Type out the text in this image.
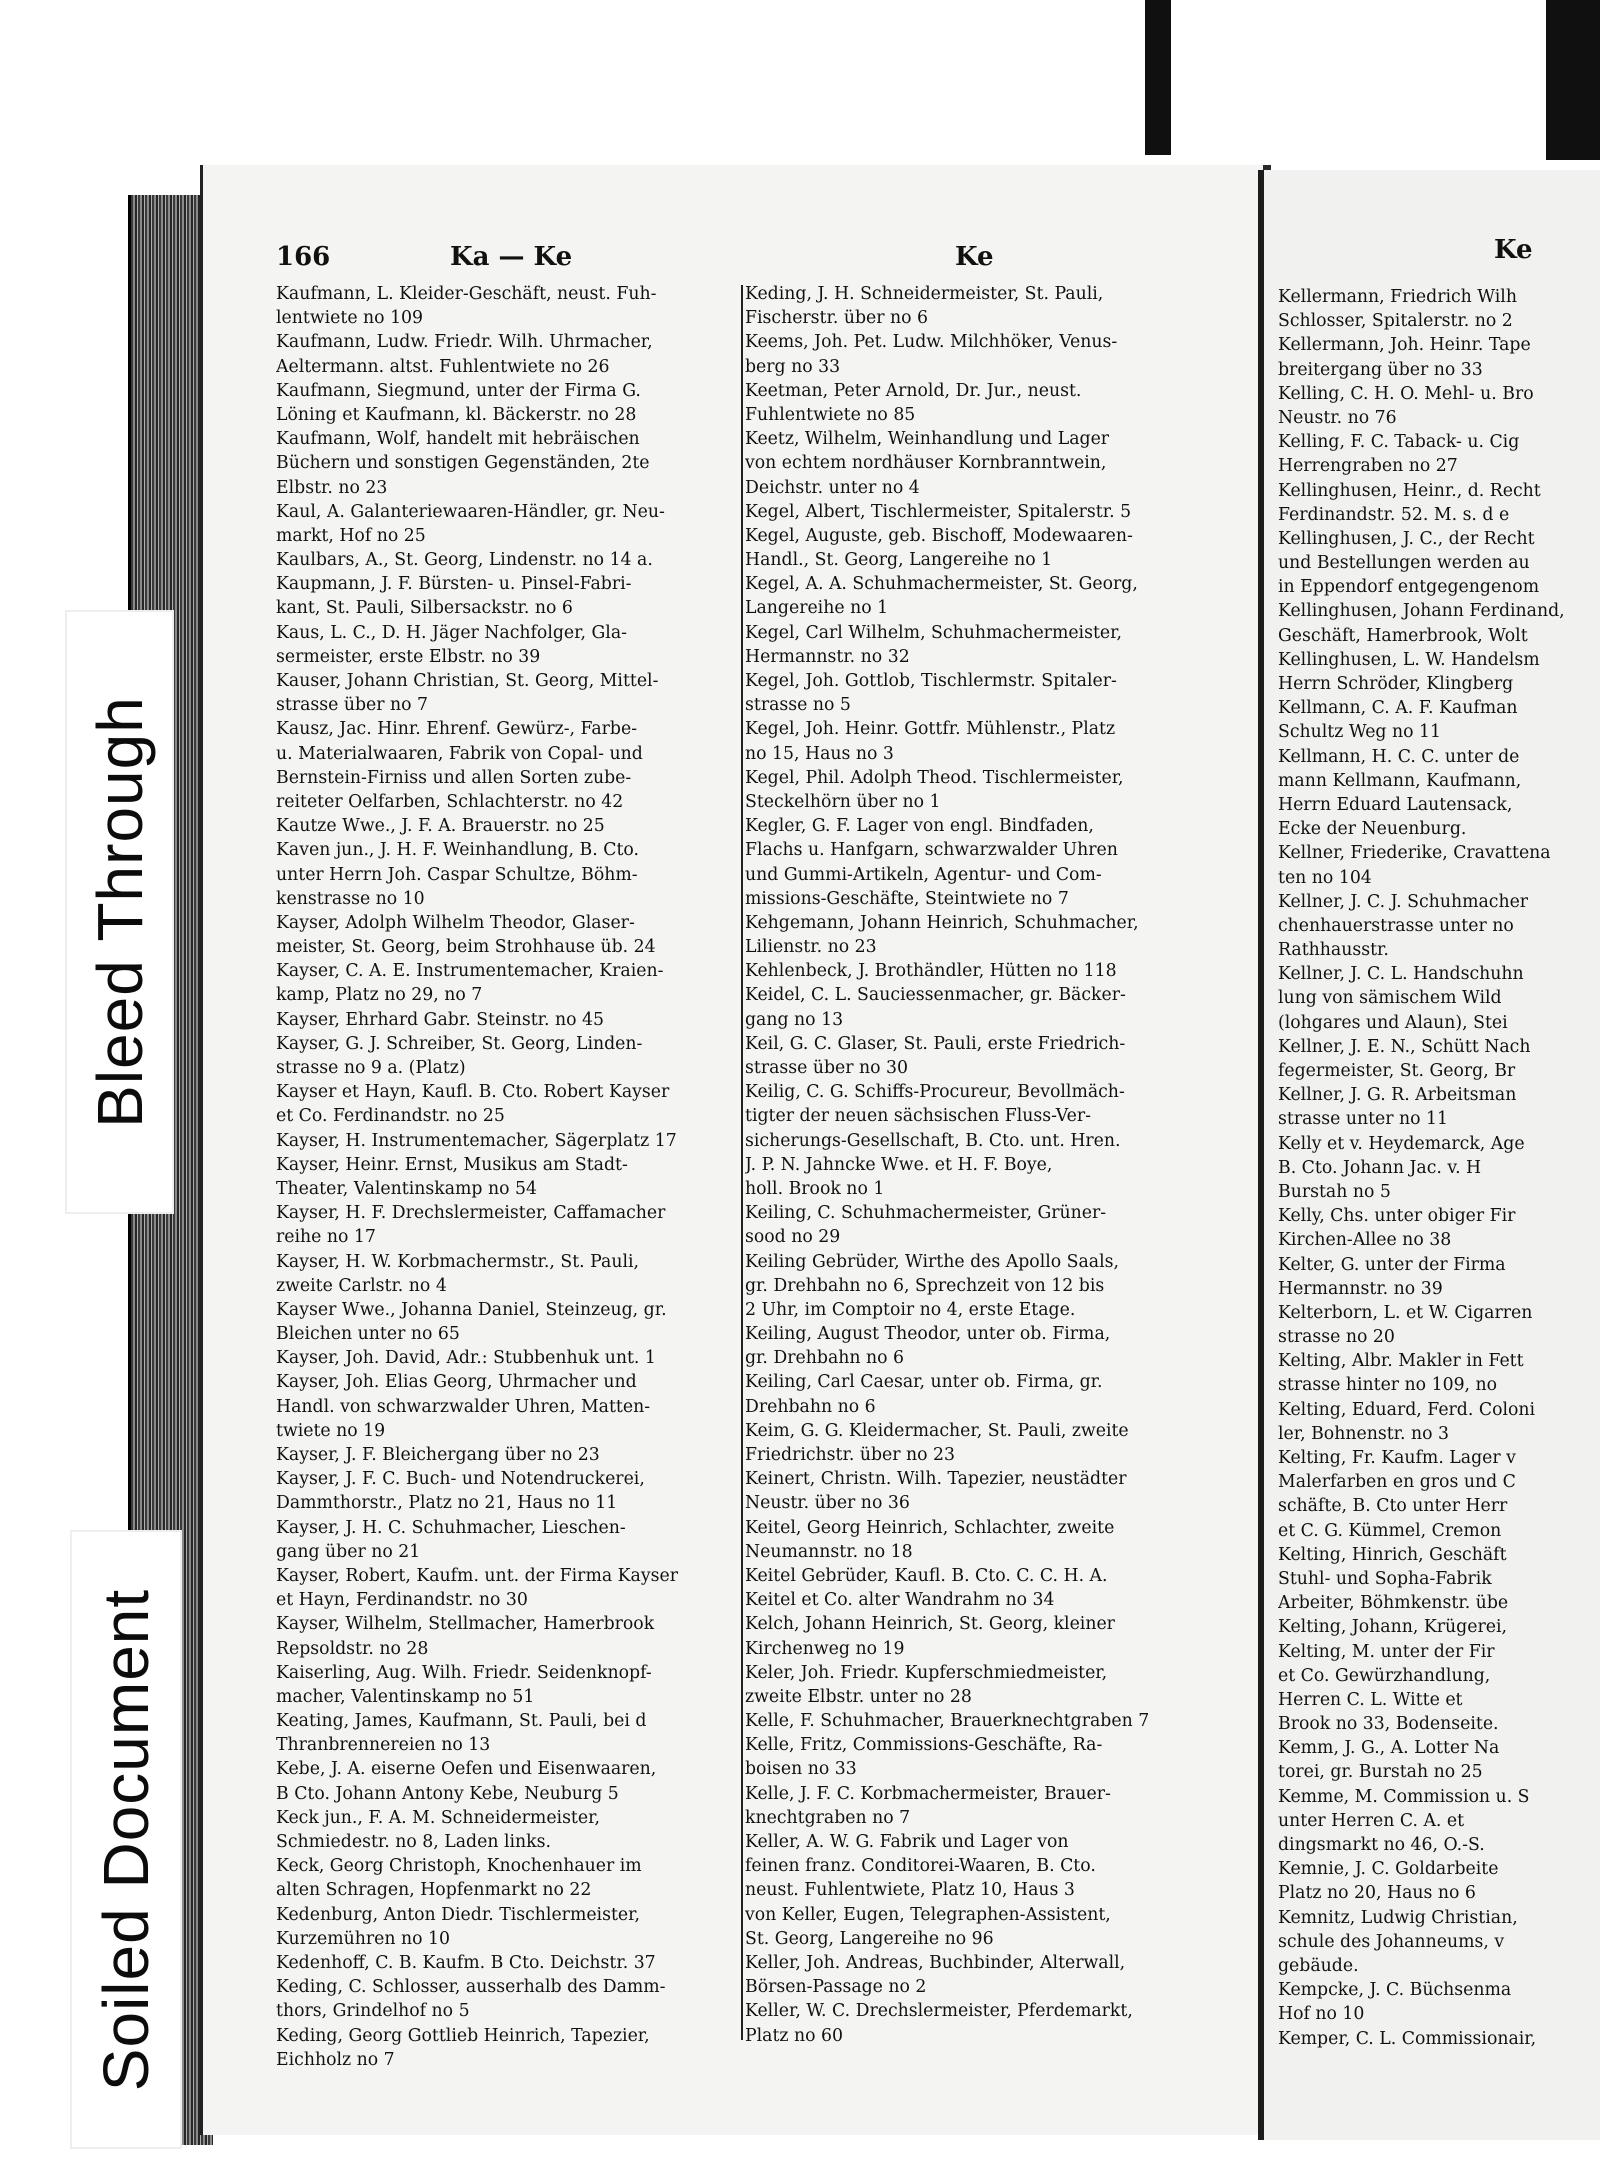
Ke
Kellermann, Friedrich Wilh
Schlosser, Spitalerstr. no 2
Kellermann, Joh. Heinr. Tape
breitergang über no 33
Kelling, C. H. O. Mehl- u. Bro
Neustr. no 76
Kelling, F. C. Taback- u. Cig
Herrengraben no 27
Kellinghusen, Heinr., d. Recht
Ferdinandstr. 52. M. s. d e
Kellinghusen, J. C., der Recht
und Bestellungen werden au
in Eppendorf entgegengenom
Kellinghusen, Johann Ferdinand,
Geschäft, Hamerbrook, Wolt
Kellinghusen, L. W. Handelsm
Herrn Schröder, Klingberg
Kellmann, C. A. F. Kaufman
Schultz Weg no 11
Kellmann, H. C. C. unter de
mann Kellmann, Kaufmann,
Herrn Eduard Lautensack,
Ecke der Neuenburg.
Kellner, Friederike, Cravattena
ten no 104
Kellner, J. C. J. Schuhmacher
chenhauerstrasse unter no
Rathhausstr.
Kellner, J. C. L. Handschuhn
lung von sämischem Wild
(lohgares und Alaun), Stei
Kellner, J. E. N., Schütt Nach
fegermeister, St. Georg, Br
Kellner, J. G. R. Arbeitsman
strasse unter no 11
Kelly et v. Heydemarck, Age
B. Cto. Johann Jac. v. H
Burstah no 5
Kelly, Chs. unter obiger Fir
Kirchen-Allee no 38
Kelter, G. unter der Firma
Hermannstr. no 39
Kelterborn, L. et W. Cigarren
strasse no 20
Kelting, Albr. Makler in Fett
strasse hinter no 109, no
Kelting, Eduard, Ferd. Coloni
ler, Bohnenstr. no 3
Kelting, Fr. Kaufm. Lager v
Malerfarben en gros und C
schäfte, B. Cto unter Herr
et C. G. Kümmel, Cremon
Kelting, Hinrich, Geschäft
Stuhl- und Sopha-Fabrik
Arbeiter, Böhmkenstr. übe
Kelting, Johann, Krügerei,
Kelting, M. unter der Fir
et Co. Gewürzhandlung,
Herren C. L. Witte et
Brook no 33, Bodenseite.
Kemm, J. G., A. Lotter Na
torei, gr. Burstah no 25
Kemme, M. Commission u. S
unter Herren C. A. et
dingsmarkt no 46, O.-S.
Kemnie, J. C. Goldarbeite
Platz no 20, Haus no 6
Kemnitz, Ludwig Christian,
schule des Johanneums, v
gebäude.
Kempcke, J. C. Büchsenma
Hof no 10
Kemper, C. L. Commissionair,
166	Ka — Ke	Ke
Kaufmann, L. Kleider-Geschäft, neust. Fuh-
lentwiete no 109
Kaufmann, Ludw. Friedr. Wilh. Uhrmacher,
Aeltermann. altst. Fuhlentwiete no 26
Kaufmann, Siegmund, unter der Firma G.
Löning et Kaufmann, kl. Bäckerstr. no 28
Kaufmann, Wolf, handelt mit hebräischen
Büchern und sonstigen Gegenständen, 2te
Elbstr. no 23
Kaul, A. Galanteriewaaren-Händler, gr. Neu-
markt, Hof no 25
Kaulbars, A., St. Georg, Lindenstr. no 14 a.
Kaupmann, J. F. Bürsten- u. Pinsel-Fabri-
kant, St. Pauli, Silbersackstr. no 6
Kaus, L. C., D. H. Jäger Nachfolger, Gla-
sermeister, erste Elbstr. no 39
Kauser, Johann Christian, St. Georg, Mittel-
strasse über no 7
Kausz, Jac. Hinr. Ehrenf. Gewürz-, Farbe-
u. Materialwaaren, Fabrik von Copal- und
Bernstein-Firniss und allen Sorten zube-
reiteter Oelfarben, Schlachterstr. no 42
Kautze Wwe., J. F. A. Brauerstr. no 25
Kaven jun., J. H. F. Weinhandlung, B. Cto.
unter Herrn Joh. Caspar Schultze, Böhm-
kenstrasse no 10
Kayser, Adolph Wilhelm Theodor, Glaser-
meister, St. Georg, beim Strohhause üb. 24
Kayser, C. A. E. Instrumentemacher, Kraien-
kamp, Platz no 29, no 7
Kayser, Ehrhard Gabr. Steinstr. no 45
Kayser, G. J. Schreiber, St. Georg, Linden-
strasse no 9 a. (Platz)
Kayser et Hayn, Kaufl. B. Cto. Robert Kayser
et Co. Ferdinandstr. no 25
Kayser, H. Instrumentemacher, Sägerplatz 17
Kayser, Heinr. Ernst, Musikus am Stadt-
Theater, Valentinskamp no 54
Kayser, H. F. Drechslermeister, Caffamacher
reihe no 17
Kayser, H. W. Korbmachermstr., St. Pauli,
zweite Carlstr. no 4
Kayser Wwe., Johanna Daniel, Steinzeug, gr.
Bleichen unter no 65
Kayser, Joh. David, Adr.: Stubbenhuk unt. 1
Kayser, Joh. Elias Georg, Uhrmacher und
Handl. von schwarzwalder Uhren, Matten-
twiete no 19
Kayser, J. F. Bleichergang über no 23
Kayser, J. F. C. Buch- und Notendruckerei,
Dammthorstr., Platz no 21, Haus no 11
Kayser, J. H. C. Schuhmacher, Lieschen-
gang über no 21
Kayser, Robert, Kaufm. unt. der Firma Kayser
et Hayn, Ferdinandstr. no 30
Kayser, Wilhelm, Stellmacher, Hamerbrook
Repsoldstr. no 28
Kaiserling, Aug. Wilh. Friedr. Seidenknopf-
macher, Valentinskamp no 51
Keating, James, Kaufmann, St. Pauli, bei d
Thranbrennereien no 13
Kebe, J. A. eiserne Oefen und Eisenwaaren,
B Cto. Johann Antony Kebe, Neuburg 5
Keck jun., F. A. M. Schneidermeister,
Schmiedestr. no 8, Laden links.
Keck, Georg Christoph, Knochenhauer im
alten Schragen, Hopfenmarkt no 22
Kedenburg, Anton Diedr. Tischlermeister,
Kurzemühren no 10
Kedenhoff, C. B. Kaufm. B Cto. Deichstr. 37
Keding, C. Schlosser, ausserhalb des Damm-
thors, Grindelhof no 5
Keding, Georg Gottlieb Heinrich, Tapezier,
Eichholz no 7
Keding, J. H. Schneidermeister, St. Pauli,
Fischerstr. über no 6
Keems, Joh. Pet. Ludw. Milchhöker, Venus-
berg no 33
Keetman, Peter Arnold, Dr. Jur., neust.
Fuhlentwiete no 85
Keetz, Wilhelm, Weinhandlung und Lager
von echtem nordhäuser Kornbranntwein,
Deichstr. unter no 4
Kegel, Albert, Tischlermeister, Spitalerstr. 5
Kegel, Auguste, geb. Bischoff, Modewaaren-
Handl., St. Georg, Langereihe no 1
Kegel, A. A. Schuhmachermeister, St. Georg,
Langereihe no 1
Kegel, Carl Wilhelm, Schuhmachermeister,
Hermannstr. no 32
Kegel, Joh. Gottlob, Tischlermstr. Spitaler-
strasse no 5
Kegel, Joh. Heinr. Gottfr. Mühlenstr., Platz
no 15, Haus no 3
Kegel, Phil. Adolph Theod. Tischlermeister,
Steckelhörn über no 1
Kegler, G. F. Lager von engl. Bindfaden,
Flachs u. Hanfgarn, schwarzwalder Uhren
und Gummi-Artikeln, Agentur- und Com-
missions-Geschäfte, Steintwiete no 7
Kehgemann, Johann Heinrich, Schuhmacher,
Lilienstr. no 23
Kehlenbeck, J. Brothändler, Hütten no 118
Keidel, C. L. Sauciessenmacher, gr. Bäcker-
gang no 13
Keil, G. C. Glaser, St. Pauli, erste Friedrich-
strasse über no 30
Keilig, C. G. Schiffs-Procureur, Bevollmäch-
tigter der neuen sächsischen Fluss-Ver-
sicherungs-Gesellschaft, B. Cto. unt. Hren.
J. P. N. Jahncke Wwe. et H. F. Boye,
holl. Brook no 1
Keiling, C. Schuhmachermeister, Grüner-
sood no 29
Keiling Gebrüder, Wirthe des Apollo Saals,
gr. Drehbahn no 6, Sprechzeit von 12 bis
2 Uhr, im Comptoir no 4, erste Etage.
Keiling, August Theodor, unter ob. Firma,
gr. Drehbahn no 6
Keiling, Carl Caesar, unter ob. Firma, gr.
Drehbahn no 6
Keim, G. G. Kleidermacher, St. Pauli, zweite
Friedrichstr. über no 23
Keinert, Christn. Wilh. Tapezier, neustädter
Neustr. über no 36
Keitel, Georg Heinrich, Schlachter, zweite
Neumannstr. no 18
Keitel Gebrüder, Kaufl. B. Cto. C. C. H. A.
Keitel et Co. alter Wandrahm no 34
Kelch, Johann Heinrich, St. Georg, kleiner
Kirchenweg no 19
Keler, Joh. Friedr. Kupferschmiedmeister,
zweite Elbstr. unter no 28
Kelle, F. Schuhmacher, Brauerknechtgraben 7
Kelle, Fritz, Commissions-Geschäfte, Ra-
boisen no 33
Kelle, J. F. C. Korbmachermeister, Brauer-
knechtgraben no 7
Keller, A. W. G. Fabrik und Lager von
feinen franz. Conditorei-Waaren, B. Cto.
neust. Fuhlentwiete, Platz 10, Haus 3
von Keller, Eugen, Telegraphen-Assistent,
St. Georg, Langereihe no 96
Keller, Joh. Andreas, Buchbinder, Alterwall,
Börsen-Passage no 2
Keller, W. C. Drechslermeister, Pferdemarkt,
Platz no 60
Bleed Through
Soiled Document
